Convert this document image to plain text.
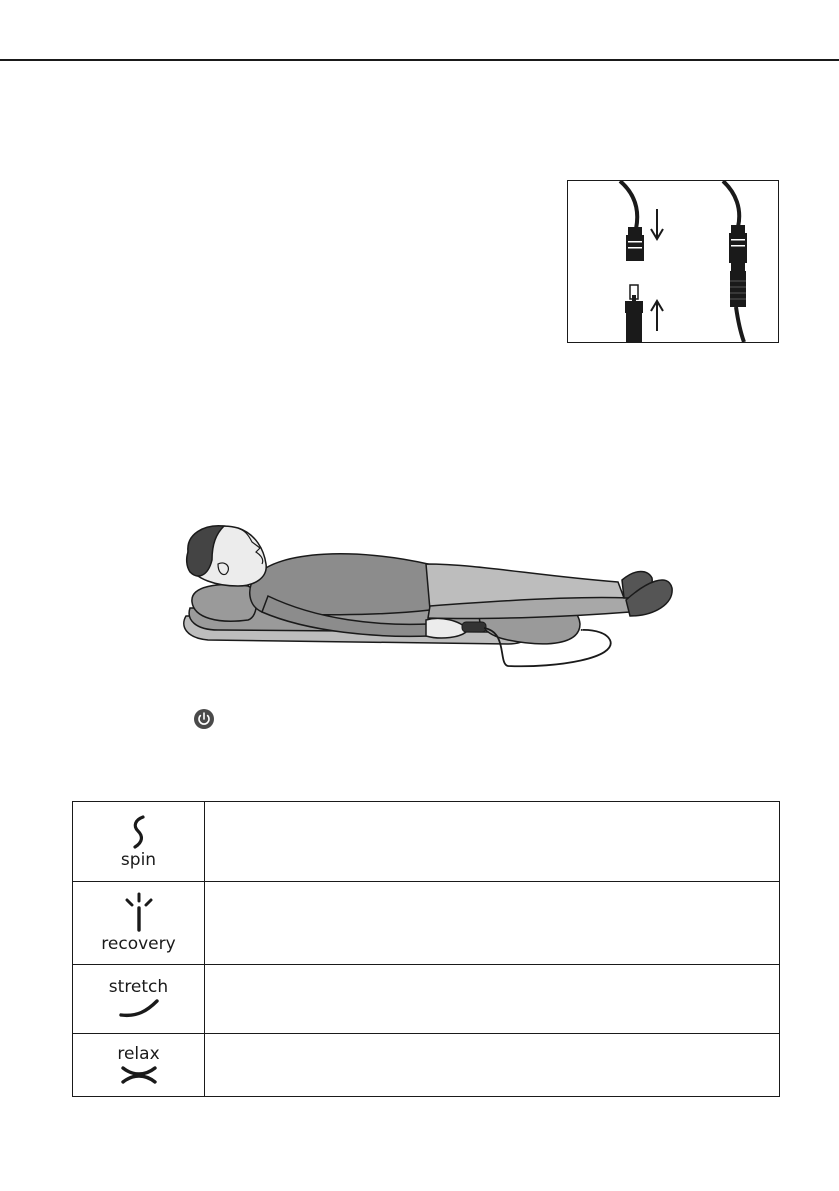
spin	

recovery	

stretch	

relax	
